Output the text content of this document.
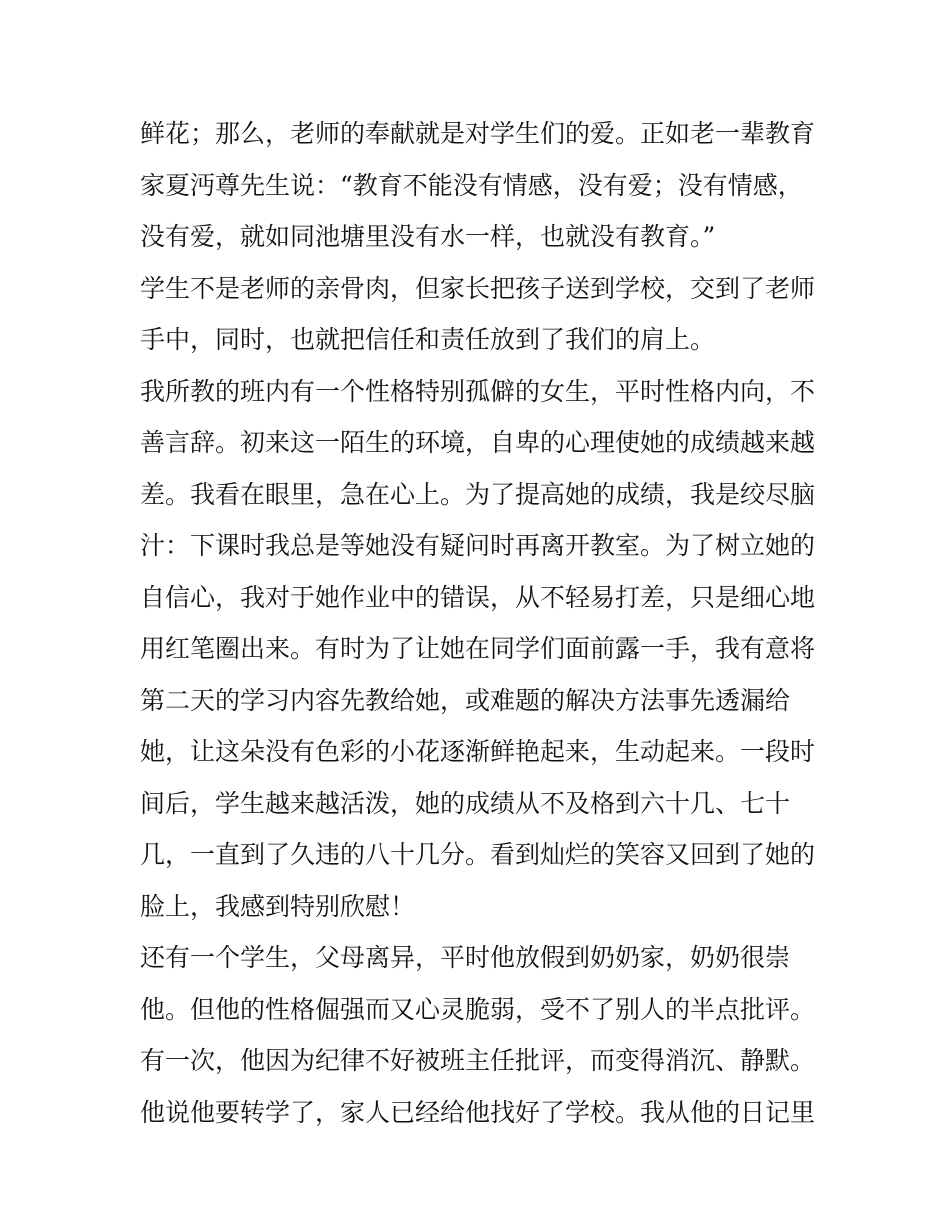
鲜花；那么，老师的奉献就是对学生们的爱。正如老一辈教育
家夏沔尊先生说：“教育不能没有情感，没有爱；没有情感，
没有爱，就如同池塘里没有水一样，也就没有教育。”
学生不是老师的亲骨肉，但家长把孩子送到学校，交到了老师
手中，同时，也就把信任和责任放到了我们的肩上。
我所教的班内有一个性格特别孤僻的女生，平时性格内向，不
善言辞。初来这一陌生的环境，自卑的心理使她的成绩越来越
差。我看在眼里，急在心上。为了提高她的成绩，我是绞尽脑
汁：下课时我总是等她没有疑问时再离开教室。为了树立她的
自信心，我对于她作业中的错误，从不轻易打差，只是细心地
用红笔圈出来。有时为了让她在同学们面前露一手，我有意将
第二天的学习内容先教给她，或难题的解决方法事先透漏给
她，让这朵没有色彩的小花逐渐鲜艳起来，生动起来。一段时
间后，学生越来越活泼，她的成绩从不及格到六十几、七十
几，一直到了久违的八十几分。看到灿烂的笑容又回到了她的
脸上，我感到特别欣慰！
还有一个学生，父母离异，平时他放假到奶奶家，奶奶很崇
他。但他的性格倔强而又心灵脆弱，受不了别人的半点批评。
有一次，他因为纪律不好被班主任批评，而变得消沉、静默。
他说他要转学了，家人已经给他找好了学校。我从他的日记里
